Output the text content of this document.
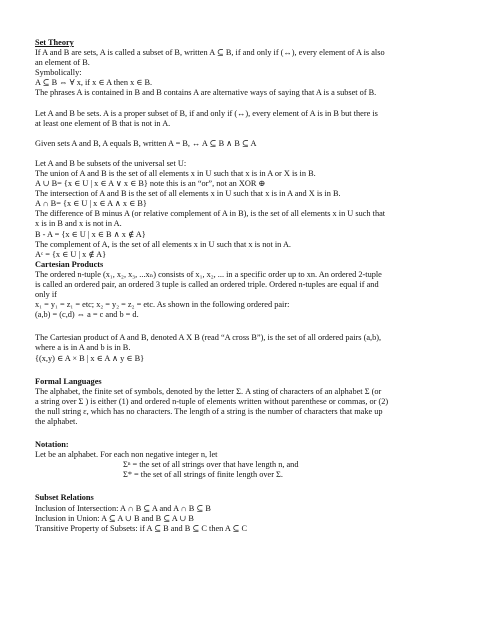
Set Theory

If A and B are sets, A is called a subset of B, written A ⊆ B, if and only if (↔), every element of A is also

an element of B.

Symbolically:

A ⊆ B ⇔ ∀ x, if x ∈ A then x ∈ B.

The phrases A is contained in B and B contains A are alternative ways of saying that A is a subset of B.

Let A and B be sets. A is a proper subset of B, if and only if (↔), every element of A is in B but there is

at least one element of B that is not in A.

Given sets A and B, A equals B, written A = B, ↔ A ⊆ B ∧ B ⊆ A

Let A and B be subsets of the universal set U:

The union of A and B is the set of all elements x in U such that x is in A or X is in B.

A ∪ B= {x ∈ U | x ∈ A ∨ x ∈ B} note this is an “or”, not an XOR ⊕

The intersection of A and B is the set of all elements x in U such that x is in A and X is in B.

A ∩ B= {x ∈ U | x ∈ A ∧ x ∈ B}

The difference of B minus A (or relative complement of A in B), is the set of all elements x in U such that

x is in B and x is not in A.

B - A = {x ∈ U | x ∈ B ∧ x ∉ A}

The complement of A, is the set of all elements x in U such that x is not in A.

Aᶜ = {x ∈ U | x ∉ A}

Cartesian Products

The ordered n-tuple (x₁, x₂, x₃, ...xₙ) consists of x₁, x₂, ... in a specific order up to xn. An ordered 2-tuple

is called an ordered pair, an ordered 3 tuple is called an ordered triple. Ordered n-tuples are equal if and

only if

x₁ = y₁ = z₁ = etc; x₂ = y₂ = z₂ = etc. As shown in the following ordered pair:

(a,b) = (c,d) ⇔ a = c and b = d.

The Cartesian product of A and B, denoted A X B (read “A cross B”), is the set of all ordered pairs (a,b),

where a is in A and b is in B.

{(x,y) ∈ A × B | x ∈ A ∧ y ∈ B}

Formal Languages

The alphabet, the finite set of symbols, denoted by the letter Σ. A sting of characters of an alphabet Σ (or

a string over Σ ) is either (1) and ordered n-tuple of elements written without parenthese or commas, or (2)

the null string ε, which has no characters. The length of a string is the number of characters that make up

the alphabet.

Notation:

Let be an alphabet. For each non negative integer n, let

Σⁿ = the set of all strings over that have length n, and

Σ* = the set of all strings of finite length over Σ.

Subset Relations

Inclusion of Intersection: A ∩ B ⊆ A and A ∩ B ⊆ B

Inclusion in Union: A ⊆ A ∪ B and B ⊆ A ∪ B

Transitive Property of Subsets: if A ⊆ B and B ⊆ C then A ⊆ C
